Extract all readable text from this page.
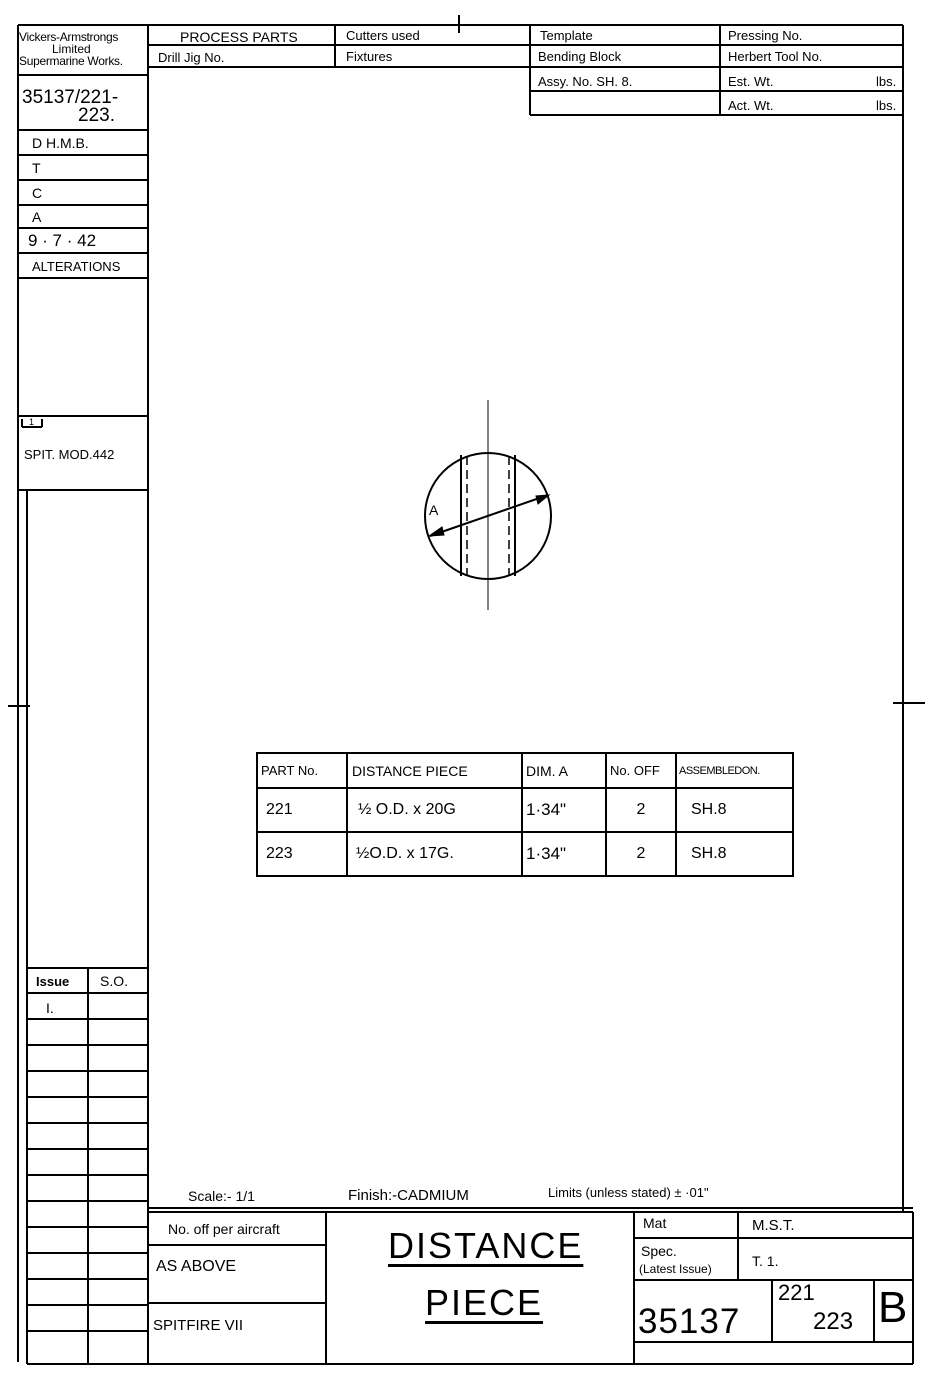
Vickers-Armstrongs
Limited
Supermarine Works.
35137/221-
223.
D H.M.B.
T
C
A
9 · 7 · 42
ALTERATIONS
1
SPIT. MOD.442
Issue S.O.
I.
PROCESS PARTS
Drill Jig No.
Cutters used
Fixtures
Template
Bending Block
Assy. No. SH. 8.
Pressing No.
Herbert Tool No.
Est. Wt.
Act. Wt.
lbs.
lbs.
A
PART No.	DISTANCE PIECE	DIM. A	No. OFF	ASSEMBLEDON.
221	½ O.D. x 20G	1·34"	2	SH.8
223	½O.D. x 17G.	1·34"	2	SH.8
Scale:- 1/1	Finish:-CADMIUM	Limits (unless stated) ± ·01"
No. off per aircraft
AS ABOVE
SPITFIRE VII
DISTANCE
PIECE
Mat	M.S.T.
Spec.
(Latest Issue)	T. 1.
35137
221
223 B
